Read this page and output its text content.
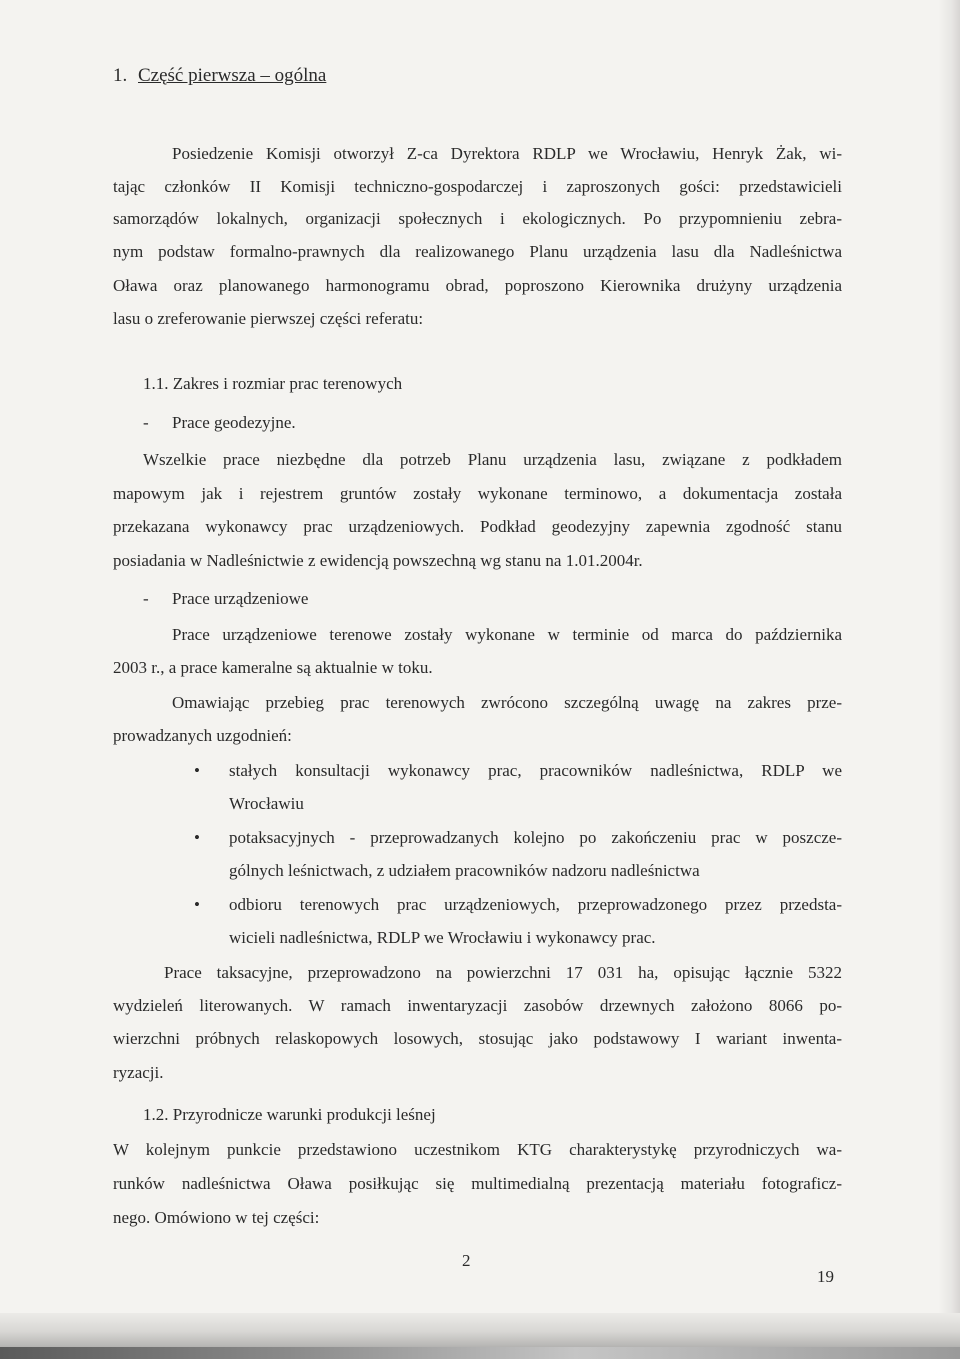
1. Część pierwsza – ogólna
Posiedzenie Komisji otworzył Z-ca Dyrektora RDLP we Wrocławiu, Henryk Żak, wi-
tając członków II Komisji techniczno-gospodarczej i zaproszonych gości: przedstawicieli
samorządów lokalnych, organizacji społecznych i ekologicznych. Po przypomnieniu zebra-
nym podstaw formalno-prawnych dla realizowanego Planu urządzenia lasu dla Nadleśnictwa
Oława oraz planowanego harmonogramu obrad, poproszono Kierownika drużyny urządzenia
lasu o zreferowanie pierwszej części referatu:
1.1. Zakres i rozmiar prac terenowych
- Prace geodezyjne.
Wszelkie prace niezbędne dla potrzeb Planu urządzenia lasu, związane z podkładem
mapowym jak i rejestrem gruntów zostały wykonane terminowo, a dokumentacja została
przekazana wykonawcy prac urządzeniowych. Podkład geodezyjny zapewnia zgodność stanu
posiadania w Nadleśnictwie z ewidencją powszechną wg stanu na 1.01.2004r.
- Prace urządzeniowe
Prace urządzeniowe terenowe zostały wykonane w terminie od marca do października
2003 r., a prace kameralne są aktualnie w toku.
Omawiając przebieg prac terenowych zwrócono szczególną uwagę na zakres prze-
prowadzanych uzgodnień:
• stałych konsultacji wykonawcy prac, pracowników nadleśnictwa, RDLP we
Wrocławiu
• potaksacyjnych - przeprowadzanych kolejno po zakończeniu prac w poszcze-
gólnych leśnictwach, z udziałem pracowników nadzoru nadleśnictwa
• odbioru terenowych prac urządzeniowych, przeprowadzonego przez przedsta-
wicieli nadleśnictwa, RDLP we Wrocławiu i wykonawcy prac.
Prace taksacyjne, przeprowadzono na powierzchni 17 031 ha, opisując łącznie 5322
wydzieleń literowanych. W ramach inwentaryzacji zasobów drzewnych założono 8066 po-
wierzchni próbnych relaskopowych losowych, stosując jako podstawowy I wariant inwenta-
ryzacji.
1.2. Przyrodnicze warunki produkcji leśnej
W kolejnym punkcie przedstawiono uczestnikom KTG charakterystykę przyrodniczych wa-
runków nadleśnictwa Oława posiłkując się multimedialną prezentacją materiału fotograficz-
nego. Omówiono w tej części:
2
19
